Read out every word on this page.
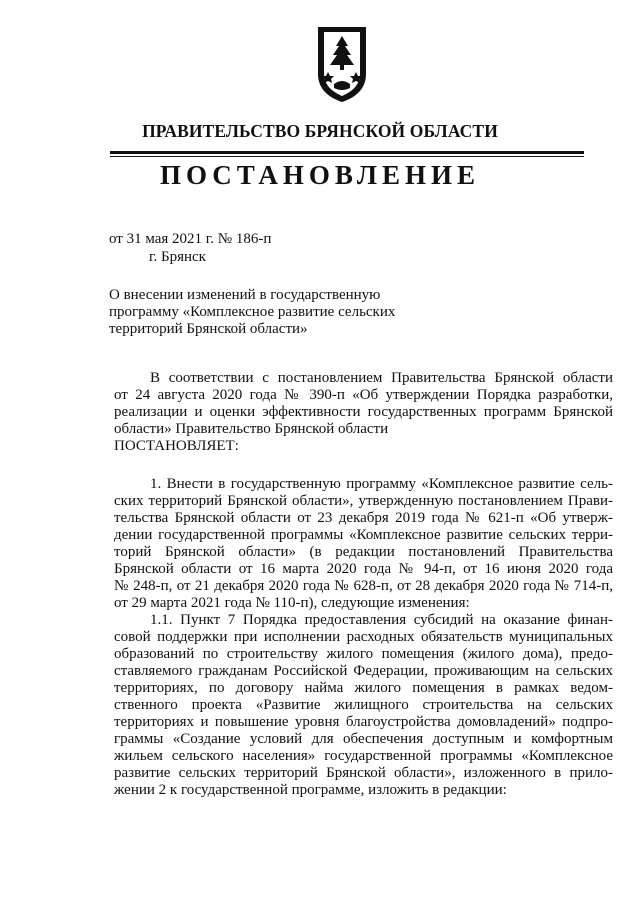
ПРАВИТЕЛЬСТВО БРЯНСКОЙ ОБЛАСТИ
ПОСТАНОВЛЕНИЕ
от 31 мая 2021 г. № 186-п
г. Брянск
О внесении изменений в государственную
программу «Комплексное развитие сельских
территорий Брянской области»
В соответствии с постановлением Правительства Брянской области
от 24 августа 2020 года № 390-п «Об утверждении Порядка разработки,
реализации и оценки эффективности государственных программ Брянской
области» Правительство Брянской области
ПОСТАНОВЛЯЕТ:
1. Внести в государственную программу «Комплексное развитие сель-
ских территорий Брянской области», утвержденную постановлением Прави-
тельства Брянской области от 23 декабря 2019 года № 621-п «Об утверж-
дении государственной программы «Комплексное развитие сельских терри-
торий Брянской области» (в редакции постановлений Правительства
Брянской области от 16 марта 2020 года № 94-п, от 16 июня 2020 года
№ 248-п, от 21 декабря 2020 года № 628-п, от 28 декабря 2020 года № 714-п,
от 29 марта 2021 года № 110-п), следующие изменения:
1.1. Пункт 7 Порядка предоставления субсидий на оказание финан-
совой поддержки при исполнении расходных обязательств муниципальных
образований по строительству жилого помещения (жилого дома), предо-
ставляемого гражданам Российской Федерации, проживающим на сельских
территориях, по договору найма жилого помещения в рамках ведом-
ственного проекта «Развитие жилищного строительства на сельских
территориях и повышение уровня благоустройства домовладений» подпро-
граммы «Создание условий для обеспечения доступным и комфортным
жильем сельского населения» государственной программы «Комплексное
развитие сельских территорий Брянской области», изложенного в прило-
жении 2 к государственной программе, изложить в редакции:
